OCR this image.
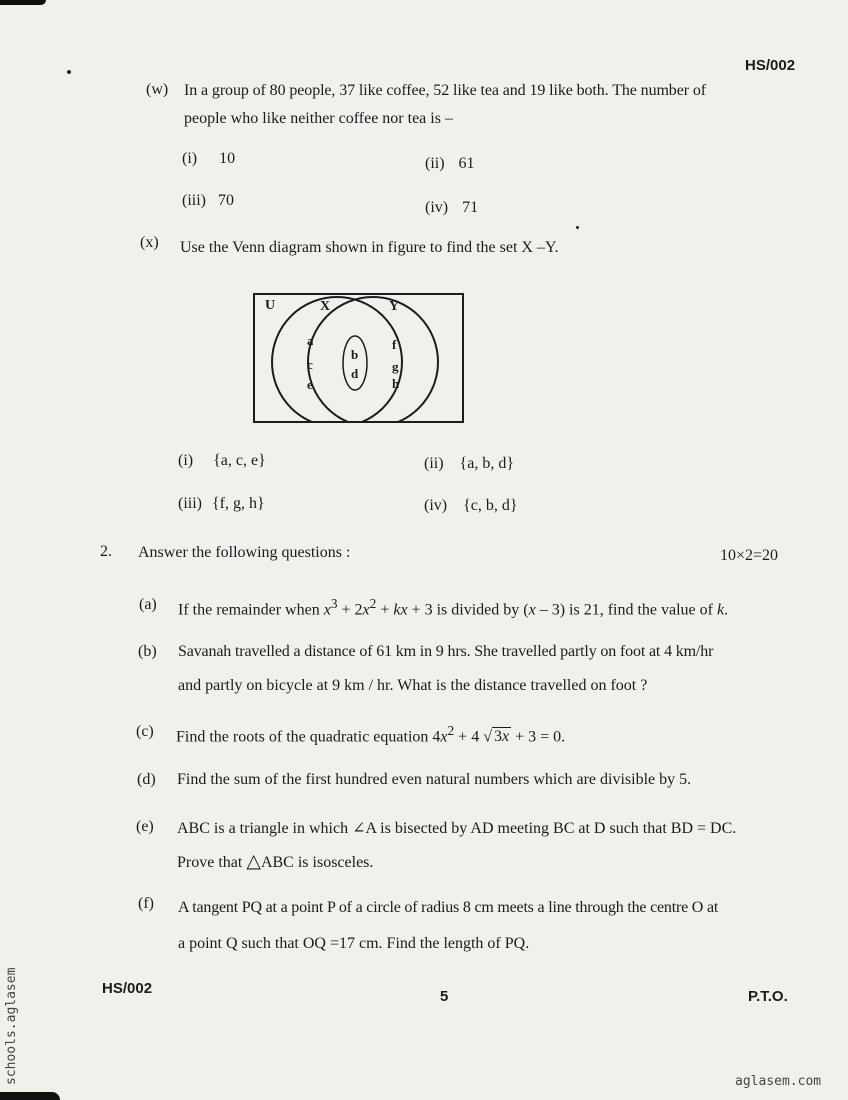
HS/002
(w) In a group of 80 people, 37 like coffee, 52 like tea and 19 like both. The number of
people who like neither coffee nor tea is –
(i) 10	(ii) 61
(iii) 70	(iv) 71
(x) Use the Venn diagram shown in figure to find the set X –Y.
U	X	Y
a
c
e
b
d
f
g
h
(i) {a, c, e}	(ii) {a, b, d}
(iii) {f, g, h}	(iv) {c, b, d}
2. Answer the following questions :	10×2=20
(a) If the remainder when $x^3 + 2x^2$ + kx + 3 is divided by (x – 3) is 21, find the value of k.
(b) Savanah travelled a distance of 61 km in 9 hrs. She travelled partly on foot at 4 km/hr
and partly on bicycle at 9 km / hr. What is the distance travelled on foot ?
(c) Find the roots of the quadratic equation $4x^2 + 4$ √ 3x + 3 = 0.
(d) Find the sum of the first hundred even natural numbers which are divisible by 5.
(e) ABC is a triangle in which ∠A is bisected by AD meeting BC at D such that BD = DC.
Prove that △ABC is isosceles.
(f) A tangent PQ at a point P of a circle of radius 8 cm meets a line through the centre O at
a point Q such that OQ =17 cm. Find the length of PQ.
HS/002	5	P.T.O.
schools.aglasem	aglasem.com
